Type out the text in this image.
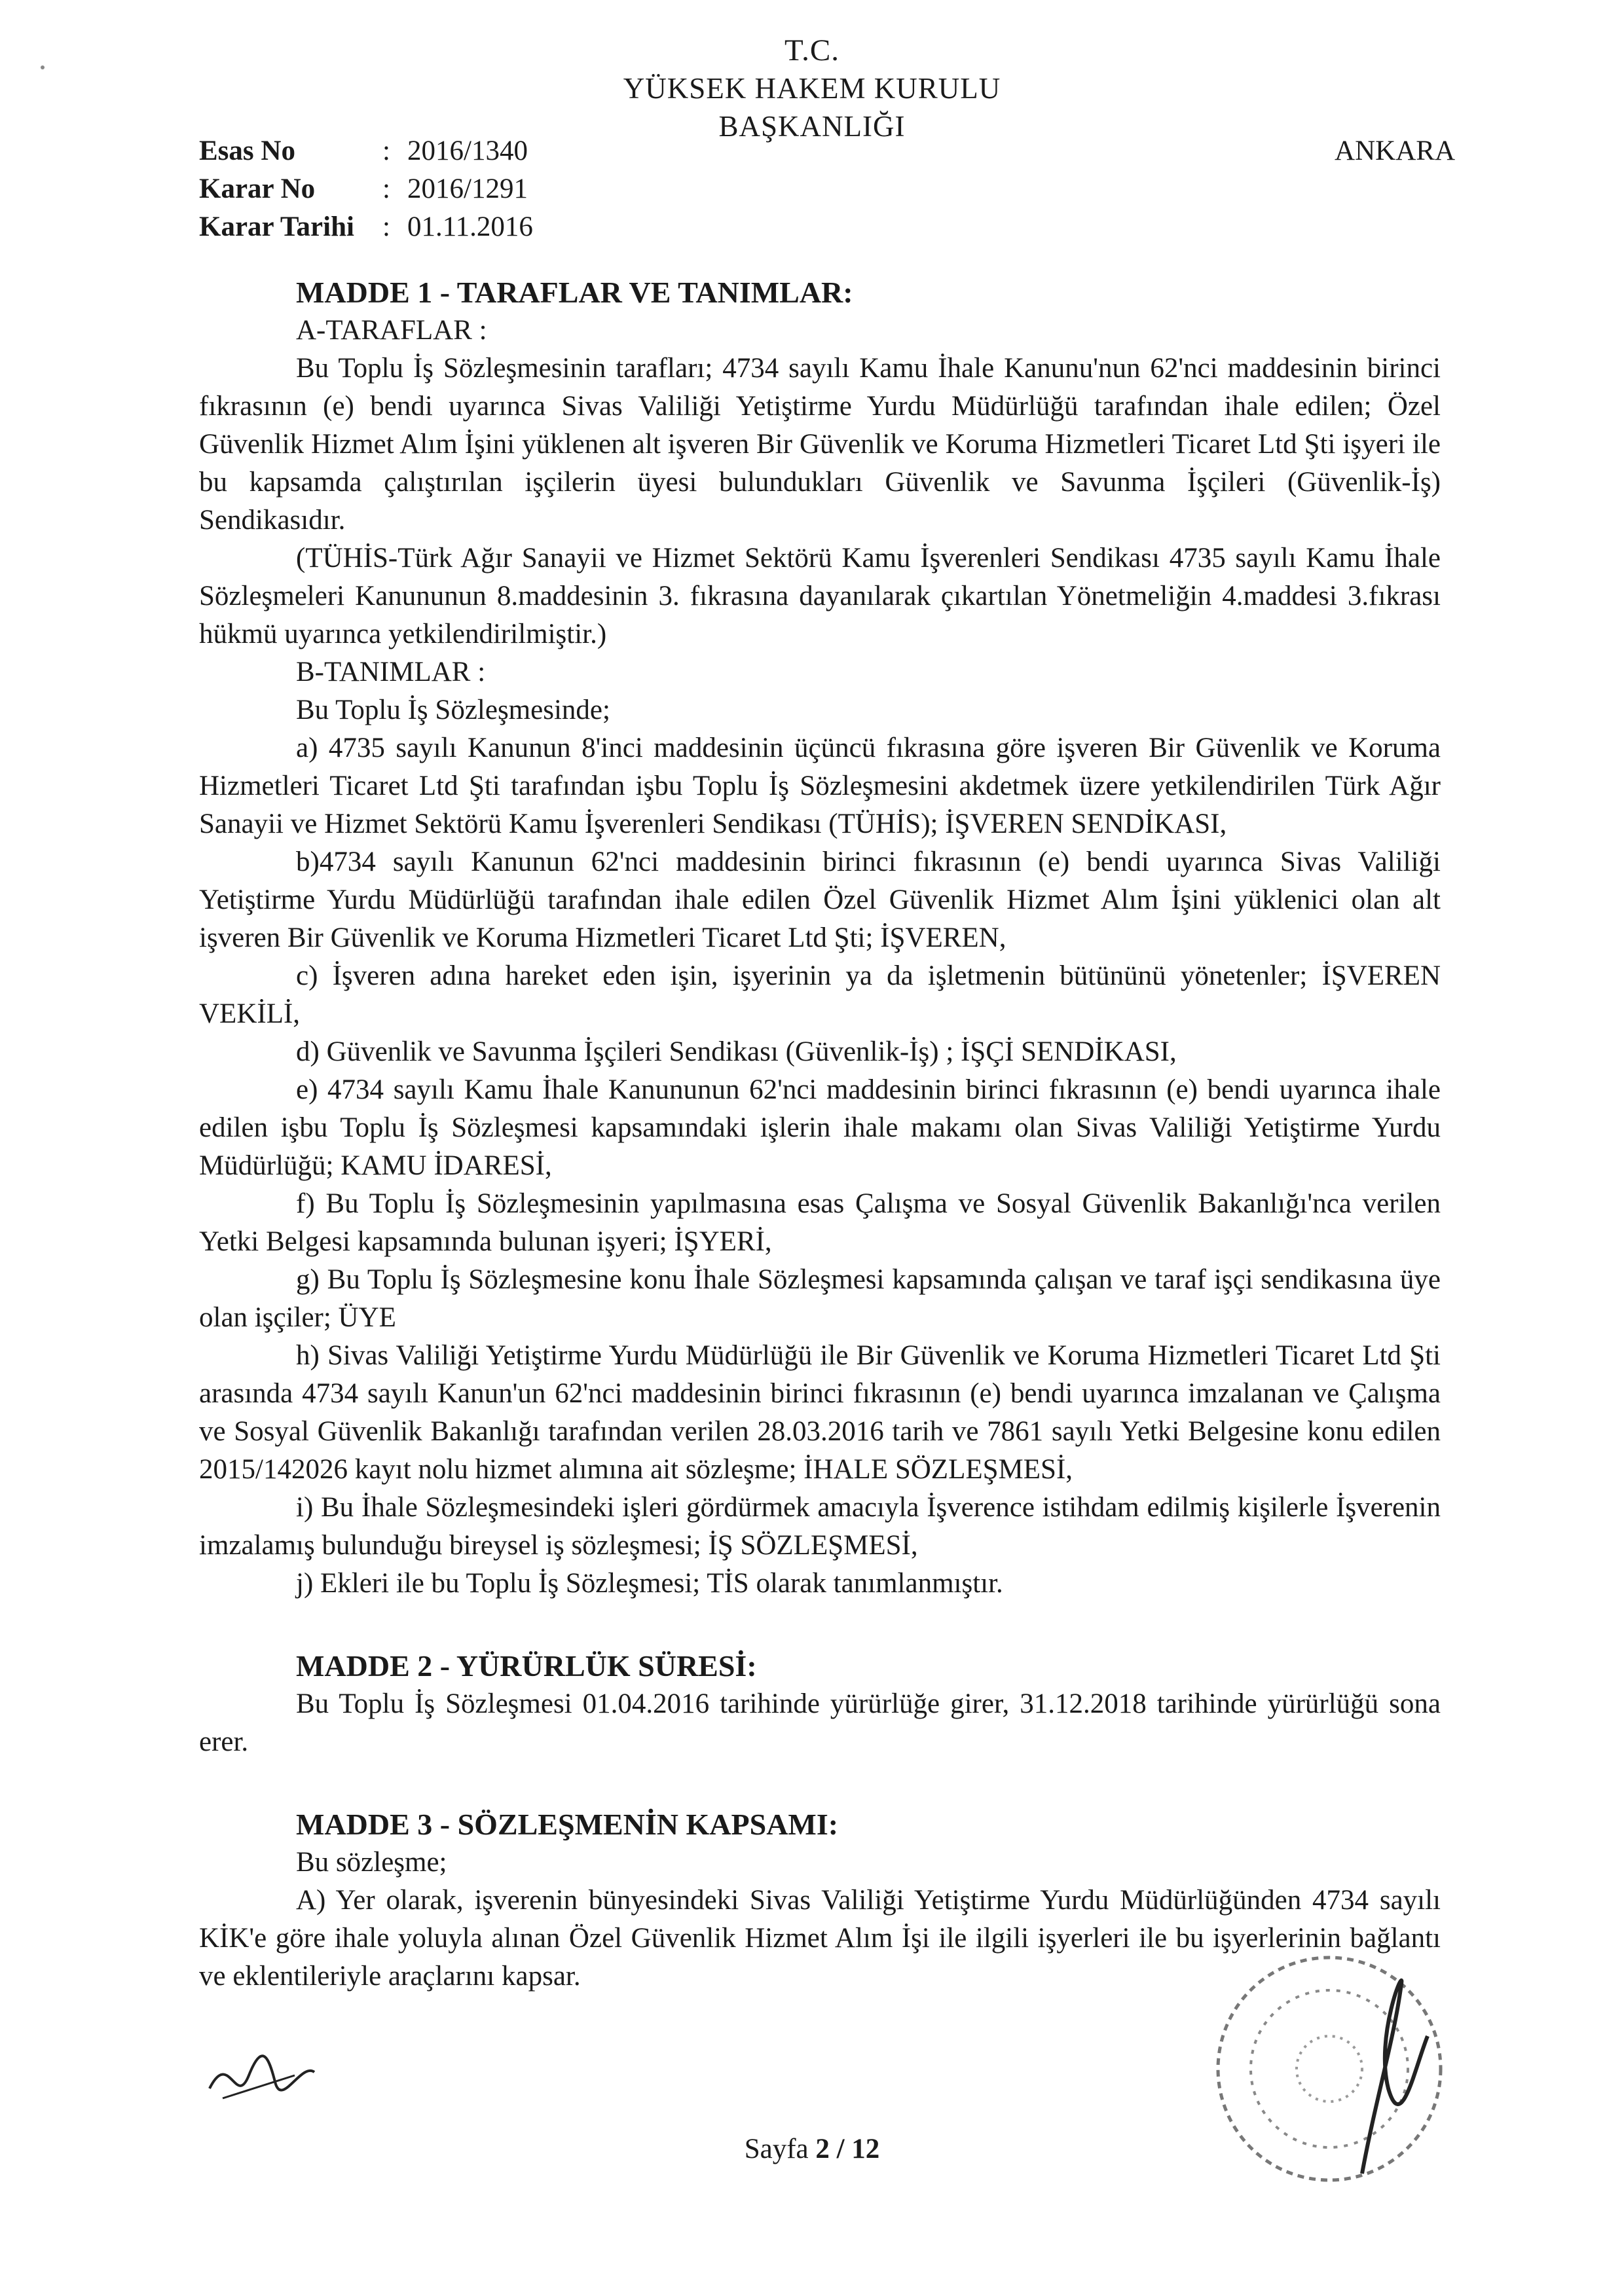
T.C.
YÜKSEK HAKEM KURULU
BAŞKANLIĞI
Esas No	: 2016/1340
Karar No	: 2016/1291
Karar Tarihi	: 01.11.2016
ANKARA
MADDE 1 - TARAFLAR VE TANIMLAR:
A-TARAFLAR :

Bu Toplu İş Sözleşmesinin tarafları; 4734 sayılı Kamu İhale Kanunu'nun 62'nci maddesinin birinci fıkrasının (e) bendi uyarınca Sivas Valiliği Yetiştirme Yurdu Müdürlüğü tarafından ihale edilen; Özel Güvenlik Hizmet Alım İşini yüklenen alt işveren Bir Güvenlik ve Koruma Hizmetleri Ticaret Ltd Şti işyeri ile bu kapsamda çalıştırılan işçilerin üyesi bulundukları Güvenlik ve Savunma İşçileri (Güvenlik-İş) Sendikasıdır.

(TÜHİS-Türk Ağır Sanayii ve Hizmet Sektörü Kamu İşverenleri Sendikası 4735 sayılı Kamu İhale Sözleşmeleri Kanununun 8.maddesinin 3. fıkrasına dayanılarak çıkartılan Yönetmeliğin 4.maddesi 3.fıkrası hükmü uyarınca yetkilendirilmiştir.)

B-TANIMLAR :

Bu Toplu İş Sözleşmesinde;

a) 4735 sayılı Kanunun 8'inci maddesinin üçüncü fıkrasına göre işveren Bir Güvenlik ve Koruma Hizmetleri Ticaret Ltd Şti tarafından işbu Toplu İş Sözleşmesini akdetmek üzere yetkilendirilen Türk Ağır Sanayii ve Hizmet Sektörü Kamu İşverenleri Sendikası (TÜHİS); İŞVEREN SENDİKASI,

b)4734 sayılı Kanunun 62'nci maddesinin birinci fıkrasının (e) bendi uyarınca Sivas Valiliği Yetiştirme Yurdu Müdürlüğü tarafından ihale edilen Özel Güvenlik Hizmet Alım İşini yüklenici olan alt işveren Bir Güvenlik ve Koruma Hizmetleri Ticaret Ltd Şti; İŞVEREN,

c) İşveren adına hareket eden işin, işyerinin ya da işletmenin bütününü yönetenler; İŞVEREN VEKİLİ,

d) Güvenlik ve Savunma İşçileri Sendikası (Güvenlik-İş) ; İŞÇİ SENDİKASI,

e) 4734 sayılı Kamu İhale Kanununun 62'nci maddesinin birinci fıkrasının (e) bendi uyarınca ihale edilen işbu Toplu İş Sözleşmesi kapsamındaki işlerin ihale makamı olan Sivas Valiliği Yetiştirme Yurdu Müdürlüğü; KAMU İDARESİ,

f) Bu Toplu İş Sözleşmesinin yapılmasına esas Çalışma ve Sosyal Güvenlik Bakanlığı'nca verilen Yetki Belgesi kapsamında bulunan işyeri; İŞYERİ,

g) Bu Toplu İş Sözleşmesine konu İhale Sözleşmesi kapsamında çalışan ve taraf işçi sendikasına üye olan işçiler; ÜYE

h) Sivas Valiliği Yetiştirme Yurdu Müdürlüğü ile Bir Güvenlik ve Koruma Hizmetleri Ticaret Ltd Şti arasında 4734 sayılı Kanun'un 62'nci maddesinin birinci fıkrasının (e) bendi uyarınca imzalanan ve Çalışma ve Sosyal Güvenlik Bakanlığı tarafından verilen 28.03.2016 tarih ve 7861 sayılı Yetki Belgesine konu edilen 2015/142026 kayıt nolu hizmet alımına ait sözleşme; İHALE SÖZLEŞMESİ,

i) Bu İhale Sözleşmesindeki işleri gördürmek amacıyla İşverence istihdam edilmiş kişilerle İşverenin imzalamış bulunduğu bireysel iş sözleşmesi; İŞ SÖZLEŞMESİ,

j) Ekleri ile bu Toplu İş Sözleşmesi; TİS olarak tanımlanmıştır.

MADDE 2 - YÜRÜRLÜK SÜRESİ:

Bu Toplu İş Sözleşmesi 01.04.2016 tarihinde yürürlüğe girer, 31.12.2018 tarihinde yürürlüğü sona erer.

MADDE 3 - SÖZLEŞMENİN KAPSAMI:

Bu sözleşme;

A) Yer olarak, işverenin bünyesindeki Sivas Valiliği Yetiştirme Yurdu Müdürlüğünden 4734 sayılı KİK'e göre ihale yoluyla alınan Özel Güvenlik Hizmet Alım İşi ile ilgili işyerleri ile bu işyerlerinin bağlantı ve eklentileriyle araçlarını kapsar.

Sayfa 2 / 12
